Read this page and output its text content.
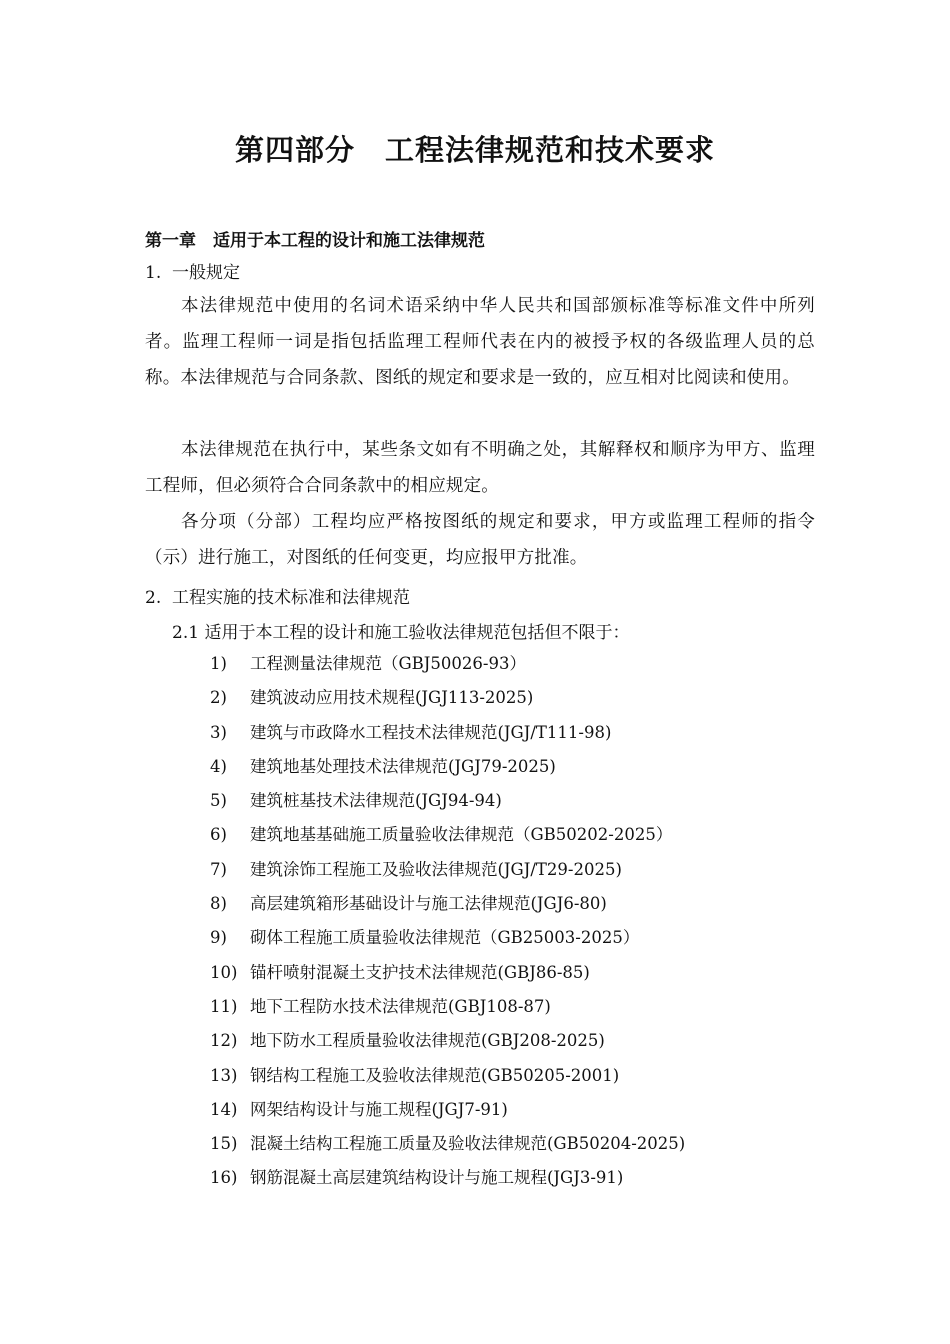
第四部分　工程法律规范和技术要求
第一章　适用于本工程的设计和施工法律规范
1.  一般规定
本法律规范中使用的名词术语采纳中华人民共和国部颁标准等标准文件中所列者。监理工程师一词是指包括监理工程师代表在内的被授予权的各级监理人员的总称。本法律规范与合同条款、图纸的规定和要求是一致的，应互相对比阅读和使用。
本法律规范在执行中，某些条文如有不明确之处，其解释权和顺序为甲方、监理工程师，但必须符合合同条款中的相应规定。
各分项（分部）工程均应严格按图纸的规定和要求，甲方或监理工程师的指令（示）进行施工，对图纸的任何变更，均应报甲方批准。
2.  工程实施的技术标准和法律规范
2.1 适用于本工程的设计和施工验收法律规范包括但不限于：
1)	工程测量法律规范（GBJ50026-93）
2)	建筑波动应用技术规程(JGJ113-2025)
3)	建筑与市政降水工程技术法律规范(JGJ/T111-98)
4)	建筑地基处理技术法律规范(JGJ79-2025)
5)	建筑桩基技术法律规范(JGJ94-94)
6)	建筑地基基础施工质量验收法律规范（GB50202-2025）
7)	建筑涂饰工程施工及验收法律规范(JGJ/T29-2025)
8)	高层建筑箱形基础设计与施工法律规范(JGJ6-80)
9)	砌体工程施工质量验收法律规范（GB25003-2025）
10) 锚杆喷射混凝土支护技术法律规范(GBJ86-85)
11) 地下工程防水技术法律规范(GBJ108-87)
12) 地下防水工程质量验收法律规范(GBJ208-2025)
13) 钢结构工程施工及验收法律规范(GB50205-2001)
14) 网架结构设计与施工规程(JGJ7-91)
15) 混凝土结构工程施工质量及验收法律规范(GB50204-2025)
16) 钢筋混凝土高层建筑结构设计与施工规程(JGJ3-91)
